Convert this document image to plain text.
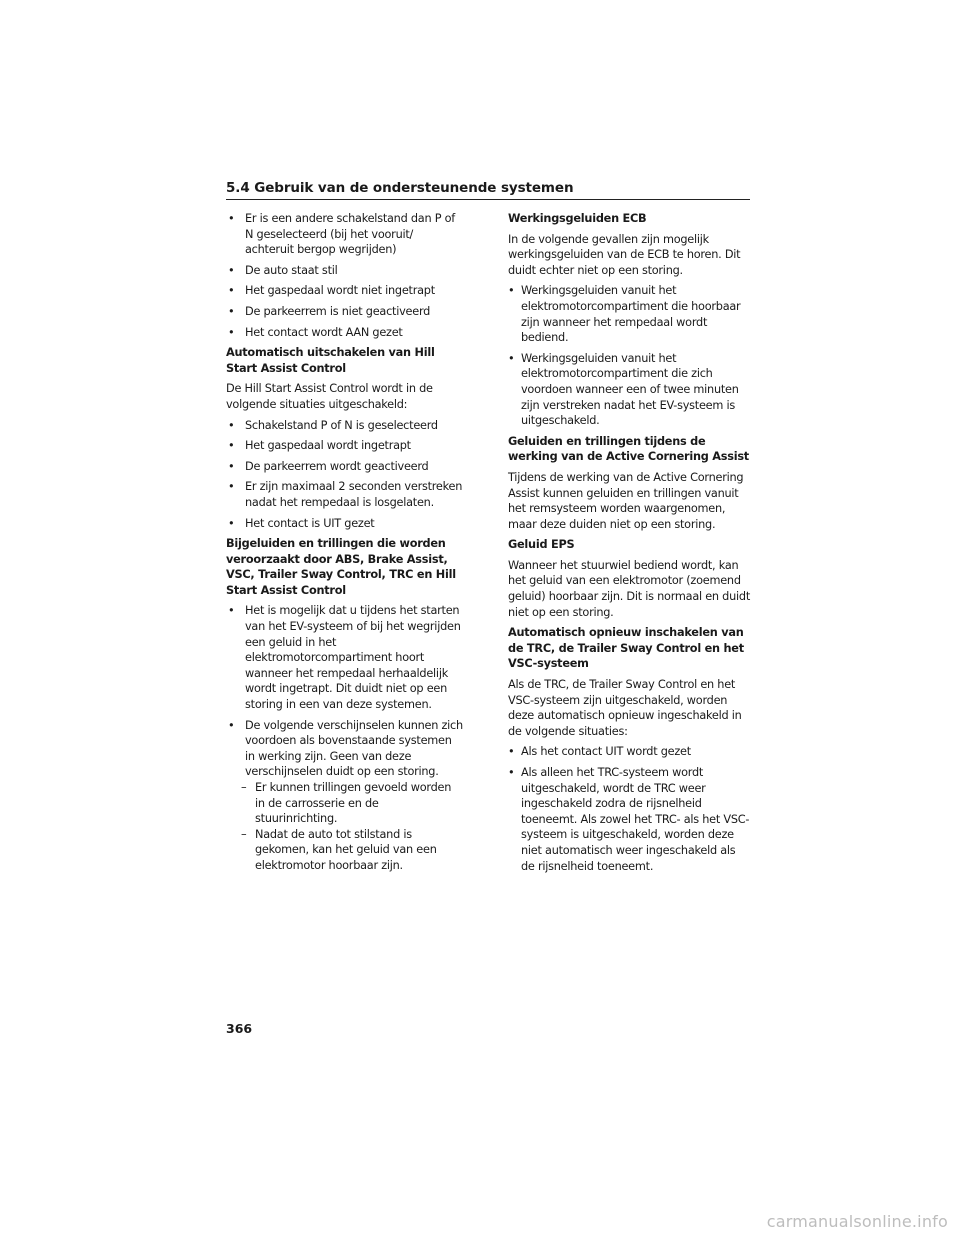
5.4 Gebruik van de ondersteunende systemen
• Er is een andere schakelstand dan P of N geselecteerd (bij het vooruit/ achteruit bergop wegrijden)
• De auto staat stil
• Het gaspedaal wordt niet ingetrapt
• De parkeerrem is niet geactiveerd
• Het contact wordt AAN gezet
Automatisch uitschakelen van Hill Start Assist Control
De Hill Start Assist Control wordt in de volgende situaties uitgeschakeld:
• Schakelstand P of N is geselecteerd
• Het gaspedaal wordt ingetrapt
• De parkeerrem wordt geactiveerd
• Er zijn maximaal 2 seconden verstreken nadat het rempedaal is losgelaten.
• Het contact is UIT gezet
Bijgeluiden en trillingen die worden veroorzaakt door ABS, Brake Assist, VSC, Trailer Sway Control, TRC en Hill Start Assist Control
• Het is mogelijk dat u tijdens het starten van het EV-systeem of bij het wegrijden een geluid in het elektromotorcompartiment hoort wanneer het rempedaal herhaaldelijk wordt ingetrapt. Dit duidt niet op een storing in een van deze systemen.
• De volgende verschijnselen kunnen zich voordoen als bovenstaande systemen in werking zijn. Geen van deze verschijnselen duidt op een storing.
– Er kunnen trillingen gevoeld worden in de carrosserie en de stuurinrichting.
– Nadat de auto tot stilstand is gekomen, kan het geluid van een elektromotor hoorbaar zijn.
Werkingsgeluiden ECB
In de volgende gevallen zijn mogelijk werkingsgeluiden van de ECB te horen. Dit duidt echter niet op een storing.
• Werkingsgeluiden vanuit het elektromotorcompartiment die hoorbaar zijn wanneer het rempedaal wordt bediend.
• Werkingsgeluiden vanuit het elektromotorcompartiment die zich voordoen wanneer een of twee minuten zijn verstreken nadat het EV-systeem is uitgeschakeld.
Geluiden en trillingen tijdens de werking van de Active Cornering Assist
Tijdens de werking van de Active Cornering Assist kunnen geluiden en trillingen vanuit het remsysteem worden waargenomen, maar deze duiden niet op een storing.
Geluid EPS
Wanneer het stuurwiel bediend wordt, kan het geluid van een elektromotor (zoemend geluid) hoorbaar zijn. Dit is normaal en duidt niet op een storing.
Automatisch opnieuw inschakelen van de TRC, de Trailer Sway Control en het VSC-systeem
Als de TRC, de Trailer Sway Control en het VSC-systeem zijn uitgeschakeld, worden deze automatisch opnieuw ingeschakeld in de volgende situaties:
• Als het contact UIT wordt gezet
• Als alleen het TRC-systeem wordt uitgeschakeld, wordt de TRC weer ingeschakeld zodra de rijsnelheid toeneemt. Als zowel het TRC- als het VSC-systeem is uitgeschakeld, worden deze niet automatisch weer ingeschakeld als de rijsnelheid toeneemt.
366
carmanualsonline.info
